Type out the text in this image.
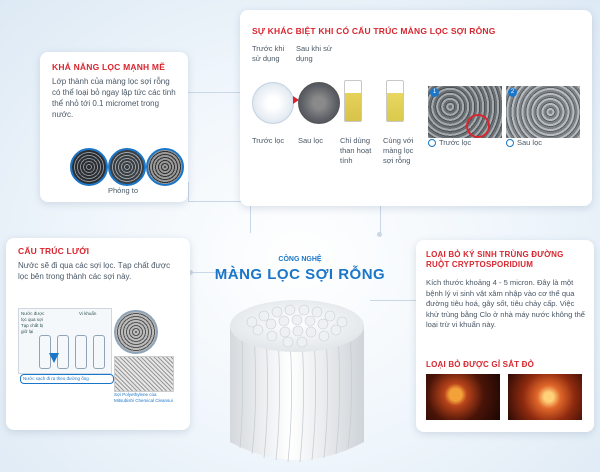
SỰ KHÁC BIỆT KHI CÓ CẤU TRÚC MÀNG LỌC SỢI RỖNG
Trước khi sử dụng
Sau khi sử dụng
1	2
Trước lọc	Sau lọc	Chỉ dùng than hoạt tính
Cùng với màng lọc sợi rỗng
Trước lọc	Sau lọc
KHẢ NĂNG LỌC MẠNH MẼ
Lớp thành của màng lọc sợi rỗng có thể loại bỏ ngay lập tức các tinh thể nhỏ tới 0.1 micromet trong nước.
Phóng to
CẤU TRÚC LƯỚI
Nước sẽ đi qua các sợi lọc. Tạp chất được lọc bên trong thành các sợi này.
Nước được lọc qua sợi
Tạp chất bị giữ lại
Vi khuẩn
Nước sạch đi ra theo đường ống
Sợi Polyethylene của Mitsubishi Chemical Cleansui
CÔNG NGHỆ
MÀNG LỌC SỢI RỖNG
LOẠI BỎ KÝ SINH TRÙNG ĐƯỜNG RUỘT CRYPTOSPORIDIUM
Kích thước khoảng 4 - 5 micron. Đây là một bệnh lý vi sinh vật xâm nhập vào cơ thể qua đường tiêu hoá, gây sốt, tiêu chảy cấp. Việc khử trùng bằng Clo ở nhà máy nước không thể loại trừ vi khuẩn này.
LOẠI BỎ ĐƯỢC GỈ SẮT ĐỎ
